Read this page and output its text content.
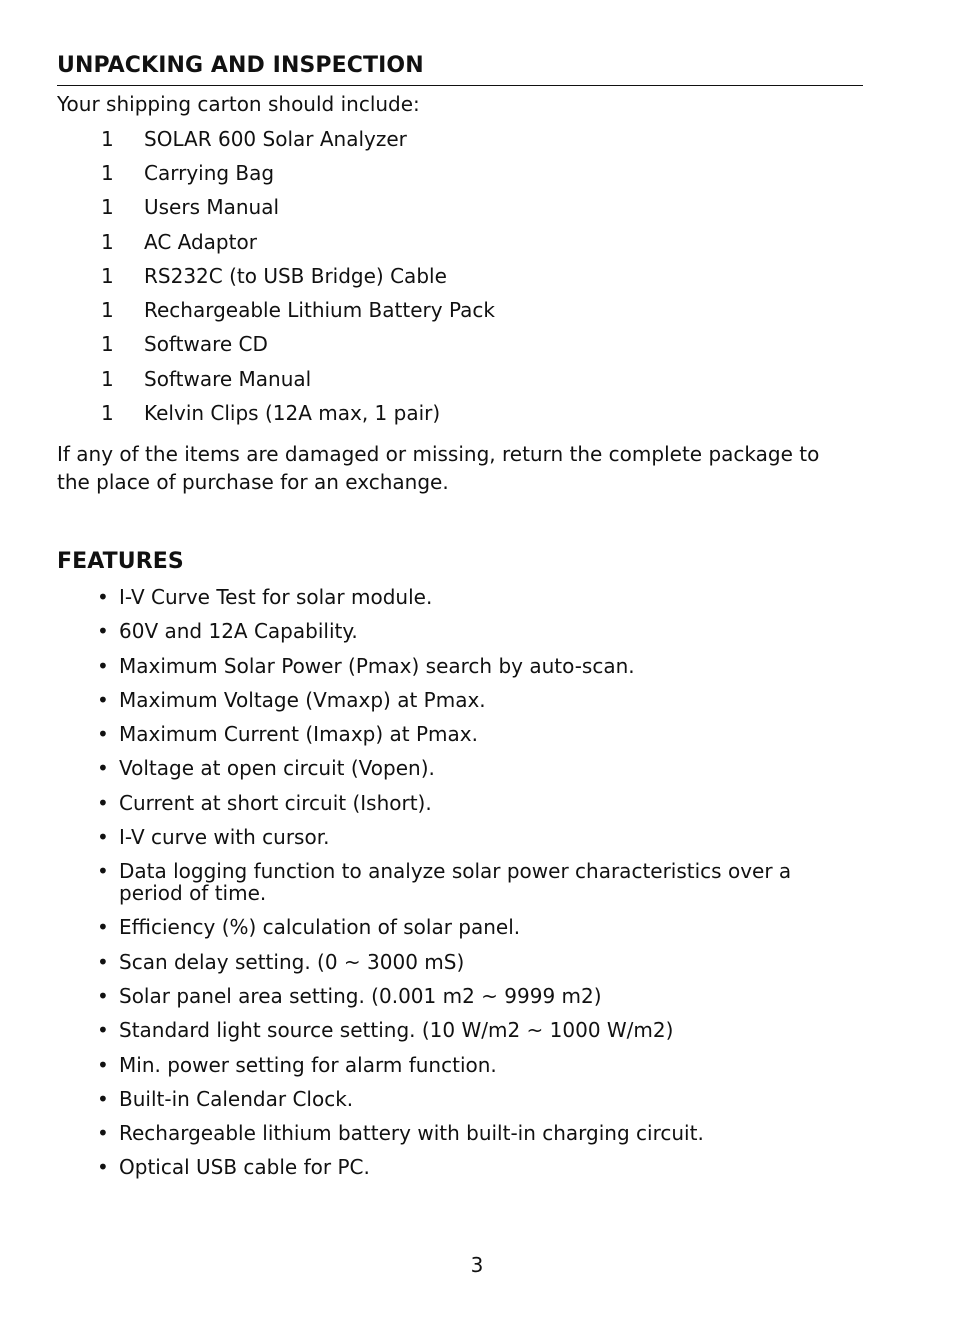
UNPACKING AND INSPECTION
Your shipping carton should include:
1	SOLAR 600 Solar Analyzer
1	Carrying Bag
1	Users Manual
1	AC Adaptor
1	RS232C (to USB Bridge) Cable
1	Rechargeable Lithium Battery Pack
1	Software CD
1	Software Manual
1	Kelvin Clips (12A max, 1 pair)
If any of the items are damaged or missing, return the complete package to the place of purchase for an exchange.
FEATURES
• I-V Curve Test for solar module.
• 60V and 12A Capability.
• Maximum Solar Power (Pmax) search by auto-scan.
• Maximum Voltage (Vmaxp) at Pmax.
• Maximum Current (Imaxp) at Pmax.
• Voltage at open circuit (Vopen).
• Current at short circuit (Ishort).
• I-V curve with cursor.
• Data logging function to analyze solar power characteristics over a period of time.
• Efficiency (%) calculation of solar panel.
• Scan delay setting. (0 ~ 3000 mS)
• Solar panel area setting. (0.001 m2 ~ 9999 m2)
• Standard light source setting. (10 W/m2 ~ 1000 W/m2)
• Min. power setting for alarm function.
• Built-in Calendar Clock.
• Rechargeable lithium battery with built-in charging circuit.
• Optical USB cable for PC.
3
